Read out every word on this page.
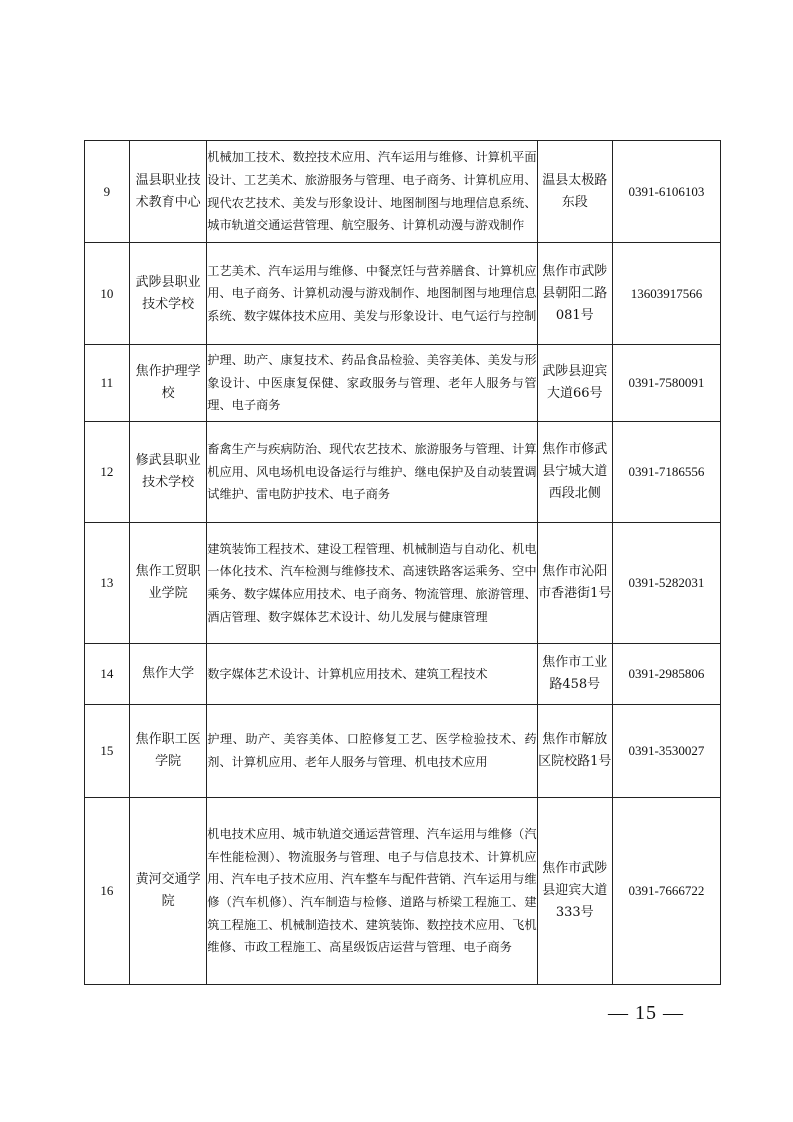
9	温县职业技术教育中心	机械加工技术、数控技术应用、汽车运用与维修、计算机平面设计、工艺美术、旅游服务与管理、电子商务、计算机应用、现代农艺技术、美发与形象设计、地图制图与地理信息系统、城市轨道交通运营管理、航空服务、计算机动漫与游戏制作	温县太极路东段	0391-6106103
10	武陟县职业技术学校	工艺美术、汽车运用与维修、中餐烹饪与营养膳食、计算机应用、电子商务、计算机动漫与游戏制作、地图制图与地理信息系统、数字媒体技术应用、美发与形象设计、电气运行与控制	焦作市武陟县朝阳二路081号	13603917566
11	焦作护理学校	护理、助产、康复技术、药品食品检验、美容美体、美发与形象设计、中医康复保健、家政服务与管理、老年人服务与管理、电子商务	武陟县迎宾大道66号	0391-7580091
12	修武县职业技术学校	畜禽生产与疾病防治、现代农艺技术、旅游服务与管理、计算机应用、风电场机电设备运行与维护、继电保护及自动装置调试维护、雷电防护技术、电子商务	焦作市修武县宁城大道西段北侧	0391-7186556
13	焦作工贸职业学院	建筑装饰工程技术、建设工程管理、机械制造与自动化、机电一体化技术、汽车检测与维修技术、高速铁路客运乘务、空中乘务、数字媒体应用技术、电子商务、物流管理、旅游管理、酒店管理、数字媒体艺术设计、幼儿发展与健康管理	焦作市沁阳市香港街1号	0391-5282031
14	焦作大学	数字媒体艺术设计、计算机应用技术、建筑工程技术	焦作市工业路458号	0391-2985806
15	焦作职工医学院	护理、助产、美容美体、口腔修复工艺、医学检验技术、药剂、计算机应用、老年人服务与管理、机电技术应用	焦作市解放区院校路1号	0391-3530027
16	黄河交通学院	机电技术应用、城市轨道交通运营管理、汽车运用与维修（汽车性能检测）、物流服务与管理、电子与信息技术、计算机应用、汽车电子技术应用、汽车整车与配件营销、汽车运用与维修（汽车机修）、汽车制造与检修、道路与桥梁工程施工、建筑工程施工、机械制造技术、建筑装饰、数控技术应用、飞机维修、市政工程施工、高星级饭店运营与管理、电子商务	焦作市武陟县迎宾大道333号	0391-7666722
— 15 —
